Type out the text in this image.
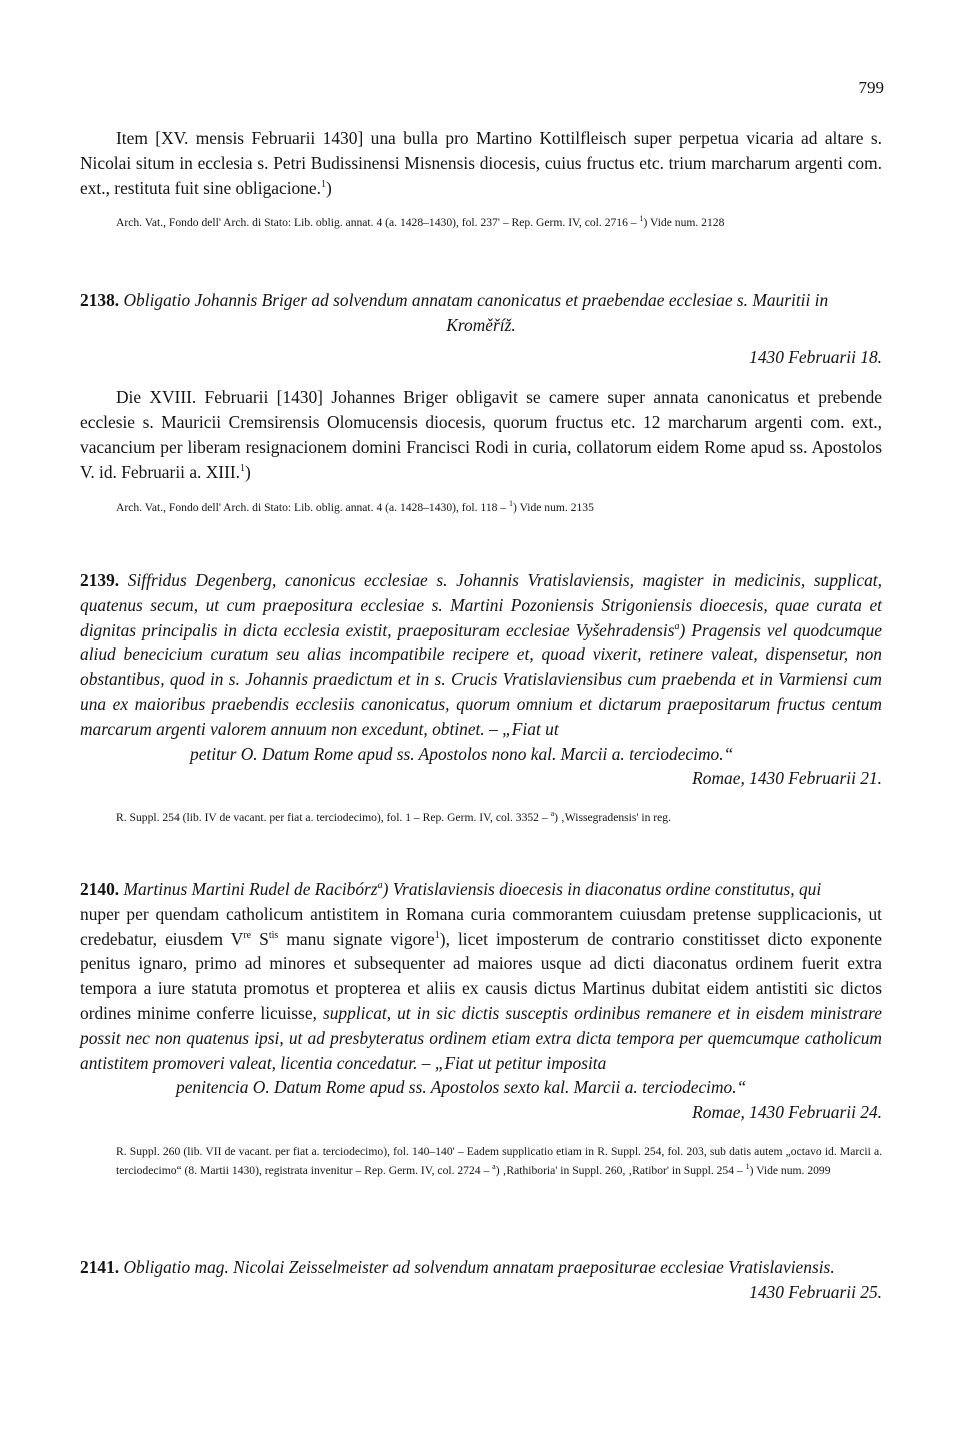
799

Item [XV. mensis Februarii 1430] una bulla pro Martino Kottilfleisch super perpetua vicaria ad altare s. Nicolai situm in ecclesia s. Petri Budissinensi Misnensis diocesis, cuius fructus etc. trium marcharum argenti com. ext., restituta fuit sine obligacione.$^1$)

Arch. Vat., Fondo dell' Arch. di Stato: Lib. oblig. annat. 4 (a. 1428–1430), fol. 237' – Rep. Germ. IV, col. 2716 – $^1$) Vide num. 2128

2138. Obligatio Johannis Briger ad solvendum annatam canonicatus et praebendae ecclesiae s. Mauritii in

Kroměříž.

1430 Februarii 18.

Die XVIII. Februarii [1430] Johannes Briger obligavit se camere super annata canonicatus et prebende ecclesie s. Mauricii Cremsirensis Olomucensis diocesis, quorum fructus etc. 12 marcharum argenti com. ext., vacancium per liberam resignacionem domini Francisci Rodi in curia, collatorum eidem Rome apud ss. Apostolos V. id. Februarii a. XIII.$^1$)

Arch. Vat., Fondo dell' Arch. di Stato: Lib. oblig. annat. 4 (a. 1428–1430), fol. 118 – $^1$) Vide num. 2135

2139. Siffridus Degenberg, canonicus ecclesiae s. Johannis Vratislaviensis, magister in medicinis, supplicat, quatenus secum, ut cum praepositura ecclesiae s. Martini Pozoniensis Strigoniensis dioecesis, quae curata et dignitas principalis in dicta ecclesia existit, praeposituram ecclesiae Vyšehradensis$^a$) Pragensis vel quodcumque aliud benecicium curatum seu alias incompatibile recipere et, quoad vixerit, retinere valeat, dispensetur, non obstantibus, quod in s. Johannis praedictum et in s. Crucis Vratislaviensibus cum praebenda et in Varmiensi cum una ex maioribus praebendis ecclesiis canonicatus, quorum omnium et dictarum praepositarum fructus centum marcarum argenti valorem annuum non excedunt, obtinet. – „Fiat ut

petitur O. Datum Rome apud ss. Apostolos nono kal. Marcii a. terciodecimo.“

Romae, 1430 Februarii 21.

R. Suppl. 254 (lib. IV de vacant. per fiat a. terciodecimo), fol. 1 – Rep. Germ. IV, col. 3352 – $^a$) ‚Wissegradensis' in reg.

2140. Martinus Martini Rudel de Racibórz$^a$) Vratislaviensis dioecesis in diaconatus ordine constitutus, qui

nuper per quendam catholicum antistitem in Romana curia commorantem cuiusdam pretense supplicacionis, ut credebatur, eiusdem Vre $S^{tis}$ manu signate vigore$^1$), licet imposterum de contrario constitisset dicto exponente penitus ignaro, primo ad minores et subsequenter ad maiores usque ad dicti diaconatus ordinem fuerit extra tempora a iure statuta promotus et propterea et aliis ex causis dictus Martinus dubitat eidem antistiti sic dictos ordines minime conferre licuisse, supplicat, ut in sic dictis susceptis ordinibus remanere et in eisdem ministrare possit nec non quatenus ipsi, ut ad presbyteratus ordinem etiam extra dicta tempora per quemcumque catholicum antistitem promoveri valeat, licentia concedatur. – „Fiat ut petitur imposita

penitencia O. Datum Rome apud ss. Apostolos sexto kal. Marcii a. terciodecimo.“

Romae, 1430 Februarii 24.

R. Suppl. 260 (lib. VII de vacant. per fiat a. terciodecimo), fol. 140–140' – Eadem supplicatio etiam in R. Suppl. 254, fol. 203, sub datis autem „octavo id. Marcii a. terciodecimo“ (8. Martii 1430), registrata invenitur – Rep. Germ. IV, col. 2724 – $^a$) ‚Rathiboria' in Suppl. 260, ‚Ratibor' in Suppl. 254 – $^1$) Vide num. 2099

2141. Obligatio mag. Nicolai Zeisselmeister ad solvendum annatam praepositurae ecclesiae Vratislaviensis.

1430 Februarii 25.
